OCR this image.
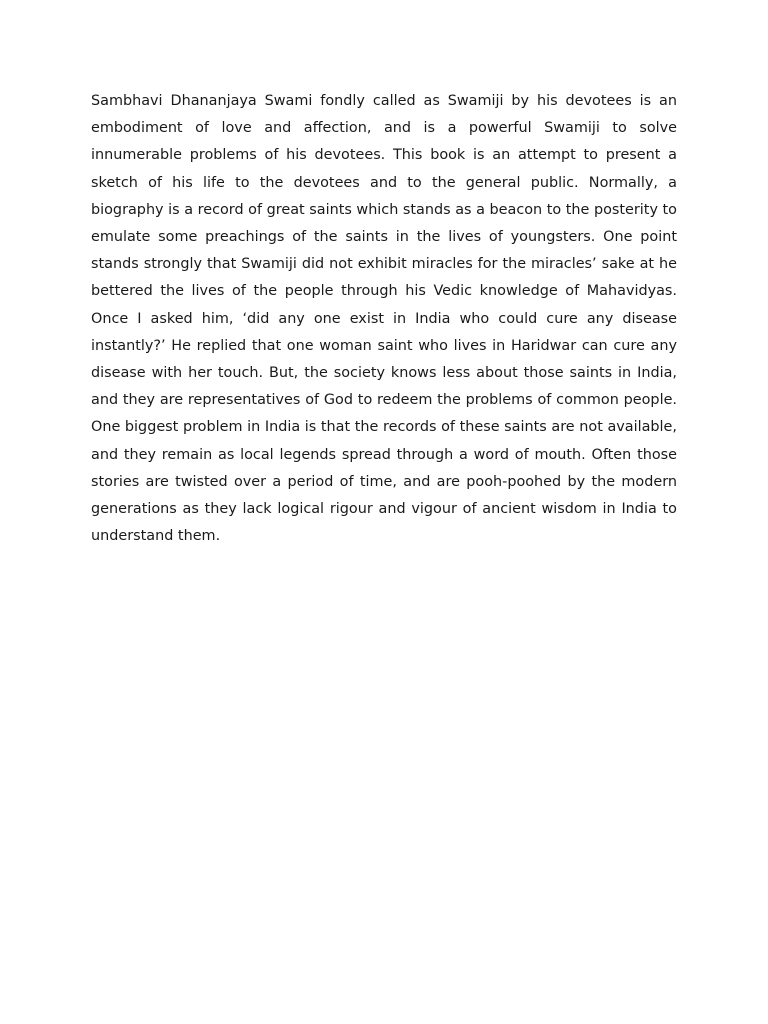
Sambhavi Dhananjaya Swami fondly called as Swamiji by his devotees is an embodiment of love and affection, and is a powerful Swamiji to solve innumerable problems of his devotees. This book is an attempt to present a sketch of his life to the devotees and to the general public. Normally, a biography is a record of great saints which stands as a beacon to the posterity to emulate some preachings of the saints in the lives of youngsters. One point stands strongly that Swamiji did not exhibit miracles for the miracles’ sake at he bettered the lives of the people through his Vedic knowledge of Mahavidyas. Once I asked him, ‘did any one exist in India who could cure any disease instantly?’ He replied that one woman saint who lives in Haridwar can cure any disease with her touch. But, the society knows less about those saints in India, and they are representatives of God to redeem the problems of common people. One biggest problem in India is that the records of these saints are not available, and they remain as local legends spread through a word of mouth. Often those stories are twisted over a period of time, and are pooh-poohed by the modern generations as they lack logical rigour and vigour of ancient wisdom in India to understand them.
